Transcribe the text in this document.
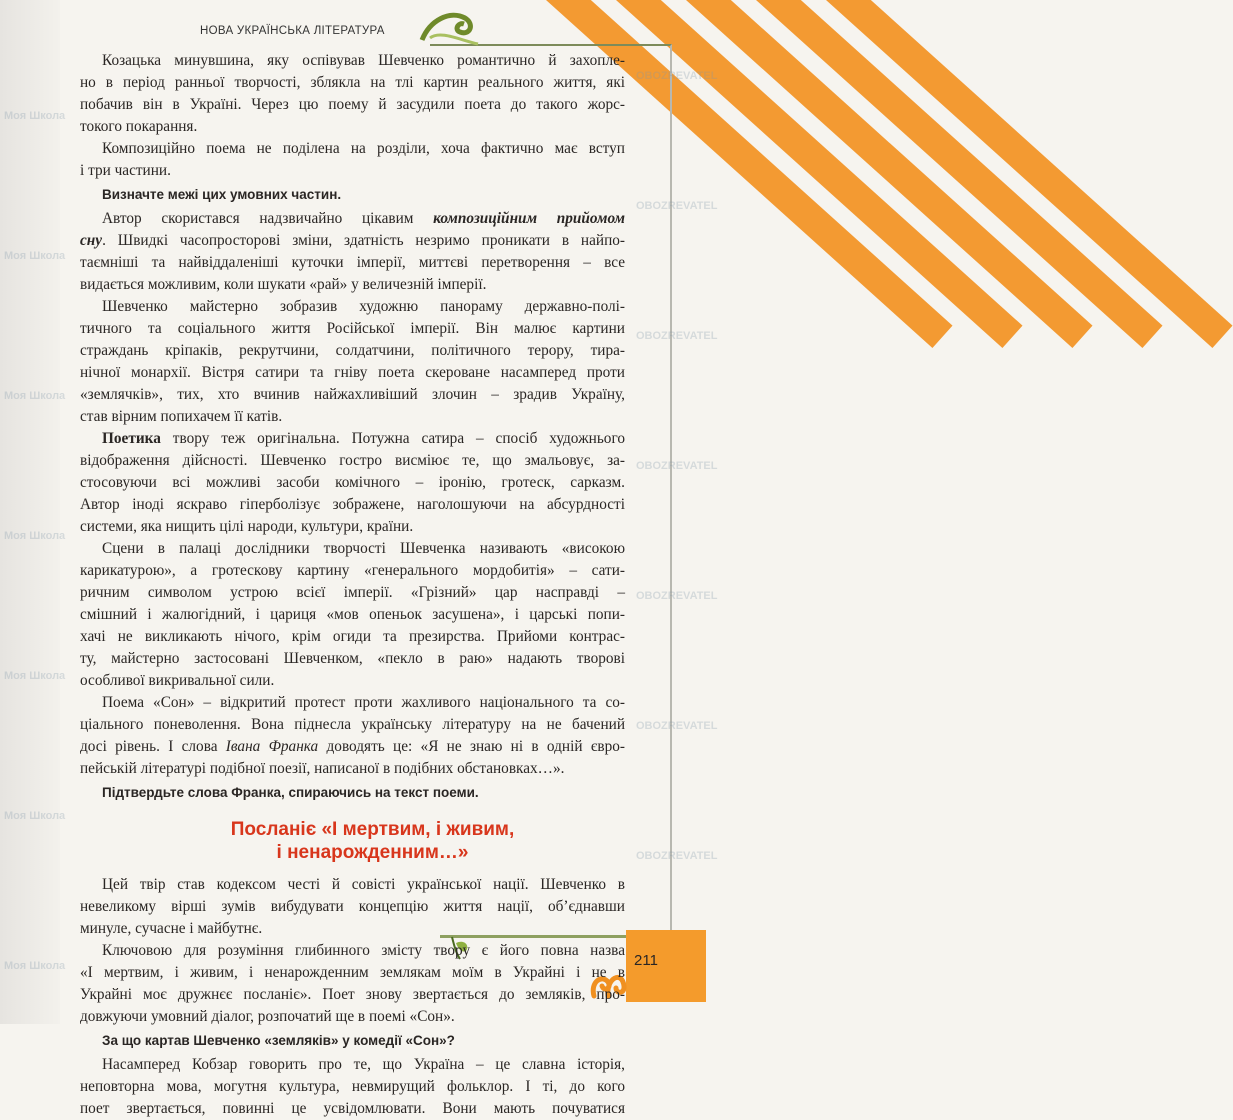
211
НОВА УКРАЇНСЬКА ЛІТЕРАТУРА
Моя Школа
Моя Школа
Моя Школа
Моя Школа
Моя Школа
Моя Школа
Моя Школа
OBOZREVATEL
OBOZREVATEL
OBOZREVATEL
OBOZREVATEL
OBOZREVATEL
OBOZREVATEL
OBOZREVATEL
Козацька минувшина, яку оспівував Шевченко романтично й захопле-
но в період ранньої творчості, зблякла на тлі картин реального життя, які
побачив він в Україні. Через цю поему й засудили поета до такого жорс-
токого покарання.
Композиційно поема не поділена на розділи, хоча фактично має вступ
і три частини.
Визначте межі цих умовних частин.
Автор скористався надзвичайно цікавим композиційним прийомом
сну. Швидкі часопросторові зміни, здатність незримо проникати в найпо-
таємніші та найвіддаленіші куточки імперії, миттєві перетворення – все
видається можливим, коли шукати «рай» у величезній імперії.
Шевченко майстерно зобразив художню панораму державно-полі-
тичного та соціального життя Російської імперії. Він малює картини
страждань кріпаків, рекрутчини, солдатчини, політичного терору, тира-
нічної монархії. Вістря сатири та гніву поета скероване насамперед проти
«землячків», тих, хто вчинив найжахливіший злочин – зрадив Україну,
став вірним попихачем її катів.
Поетика твору теж оригінальна. Потужна сатира – спосіб художнього
відображення дійсності. Шевченко гостро висміює те, що змальовує, за-
стосовуючи всі можливі засоби комічного – іронію, гротеск, сарказм.
Автор іноді яскраво гіперболізує зображене, наголошуючи на абсурдності
системи, яка нищить цілі народи, культури, країни.
Сцени в палаці дослідники творчості Шевченка називають «високою
карикатурою», а гротескову картину «генерального мордобитія» – сати-
ричним символом устрою всієї імперії. «Грізний» цар насправді –
смішний і жалюгідний, і цариця «мов опеньок засушена», і царські попи-
хачі не викликають нічого, крім огиди та презирства. Прийоми контрас-
ту, майстерно застосовані Шевченком, «пекло в раю» надають творові
особливої викривальної сили.
Поема «Сон» – відкритий протест проти жахливого національного та со-
ціального поневолення. Вона піднесла українську літературу на не бачений
досі рівень. І слова Івана Франка доводять це: «Я не знаю ні в одній євро-
пейській літературі подібної поезії, написаної в подібних обстановках…».
Підтвердьте слова Франка, спираючись на текст поеми.
Посланіє «І мертвим, і живим,
і ненарожденним…»
Цей твір став кодексом честі й совісті української нації. Шевченко в
невеликому вірші зумів вибудувати концепцію життя нації, об’єднавши
минуле, сучасне і майбутнє.
Ключовою для розуміння глибинного змісту твору є його повна назва
«І мертвим, і живим, і ненарожденним землякам моїм в Украйні і не в
Украйні моє дружнєє посланіє». Поет знову звертається до земляків, про-
довжуючи умовний діалог, розпочатий ще в поемі «Сон».
За що картав Шевченко «земляків» у комедії «Сон»?
Насамперед Кобзар говорить про те, що Україна – це славна історія,
неповторна мова, могутня культура, невмирущий фольклор. І ті, до кого
поет звертається, повинні це усвідомлювати. Вони мають почуватися
